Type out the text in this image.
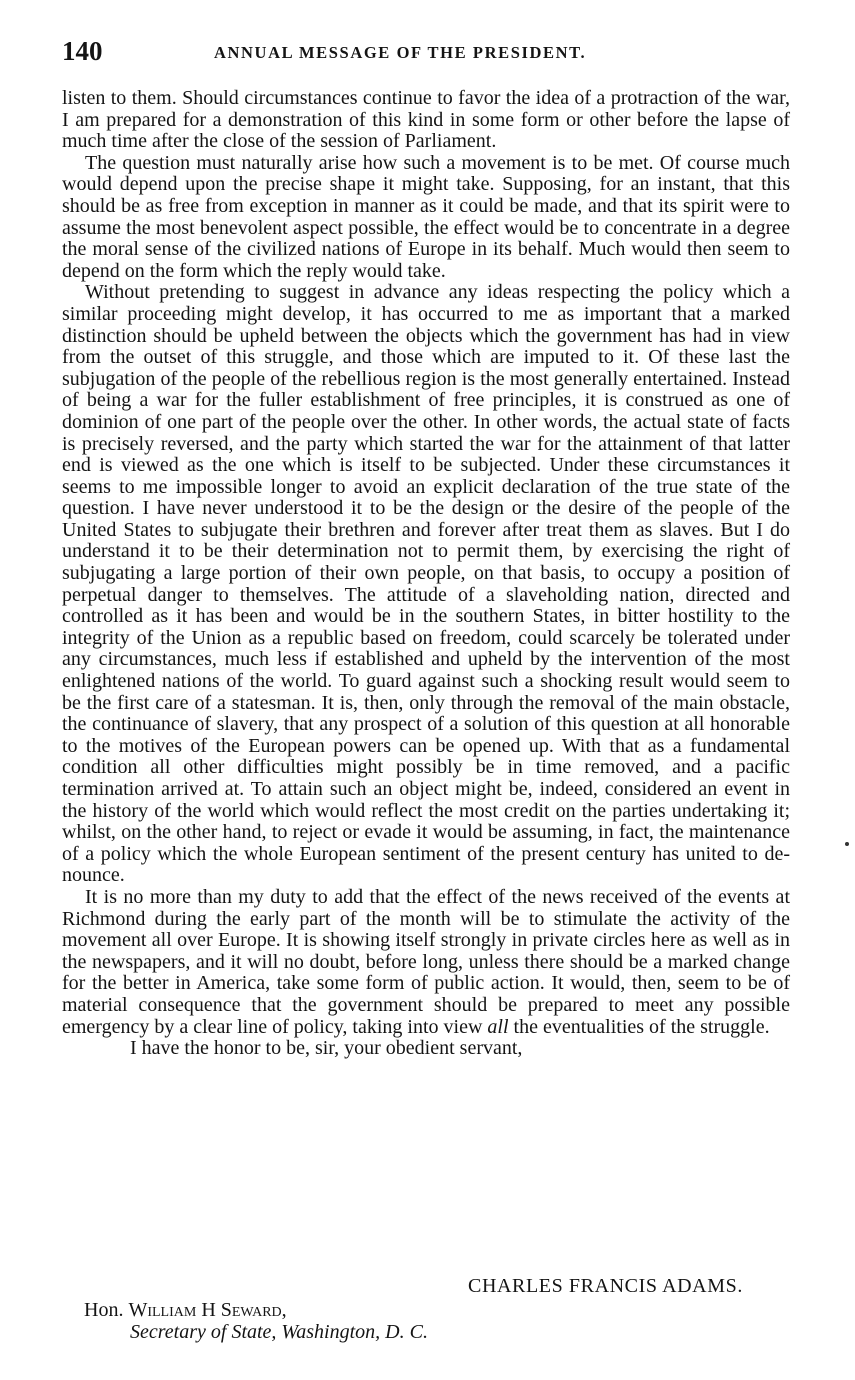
140	ANNUAL MESSAGE OF THE PRESIDENT.

listen to them. Should circumstances continue to favor the idea of a protraction of the war, I am prepared for a demonstration of this kind in some form or other before the lapse of much time after the close of the session of Parliament.

The question must naturally arise how such a movement is to be met. Of course much would depend upon the precise shape it might take. Supposing, for an instant, that this should be as free from exception in manner as it could be made, and that its spirit were to assume the most benevolent aspect possible, the effect would be to concentrate in a degree the moral sense of the civilized nations of Europe in its behalf. Much would then seem to depend on the form which the reply would take.

Without pretending to suggest in advance any ideas respecting the policy which a similar proceeding might develop, it has occurred to me as important that a marked distinction should be upheld between the objects which the government has had in view from the outset of this struggle, and those which are imputed to it. Of these last the subjugation of the people of the rebellious region is the most generally entertained. Instead of being a war for the fuller establishment of free principles, it is construed as one of dominion of one part of the people over the other. In other words, the actual state of facts is precisely reversed, and the party which started the war for the attainment of that latter end is viewed as the one which is itself to be subjected. Under these circumstances it seems to me impossible longer to avoid an explicit declaration of the true state of the question. I have never understood it to be the design or the desire of the people of the United States to subjugate their brethren and forever after treat them as slaves. But I do understand it to be their determination not to permit them, by exercising the right of subjugating a large portion of their own people, on that basis, to occupy a position of perpetual danger to themselves. The attitude of a slaveholding nation, directed and controlled as it has been and would be in the southern States, in bitter hostility to the integrity of the Union as a republic based on freedom, could scarcely be tolerated under any circumstances, much less if established and upheld by the intervention of the most enlightened nations of the world. To guard against such a shocking result would seem to be the first care of a statesman. It is, then, only through the removal of the main obstacle, the continuance of slavery, that any prospect of a solution of this question at all honorable to the motives of the European powers can be opened up. With that as a fundamental condition all other difficulties might possibly be in time removed, and a pacific termination arrived at. To attain such an object might be, indeed, considered an event in the history of the world which would reflect the most credit on the parties undertaking it; whilst, on the other hand, to reject or evade it would be assuming, in fact, the maintenance of a policy which the whole European sentiment of the present century has united to denounce.

It is no more than my duty to add that the effect of the news received of the events at Richmond during the early part of the month will be to stimulate the activity of the movement all over Europe. It is showing itself strongly in private circles here as well as in the newspapers, and it will no doubt, before long, unless there should be a marked change for the better in America, take some form of public action. It would, then, seem to be of material consequence that the government should be prepared to meet any possible emergency by a clear line of policy, taking into view all the eventualities of the struggle.

I have the honor to be, sir, your obedient servant,

CHARLES FRANCIS ADAMS.
Hon. William H Seward,
Secretary of State, Washington, D. C.
